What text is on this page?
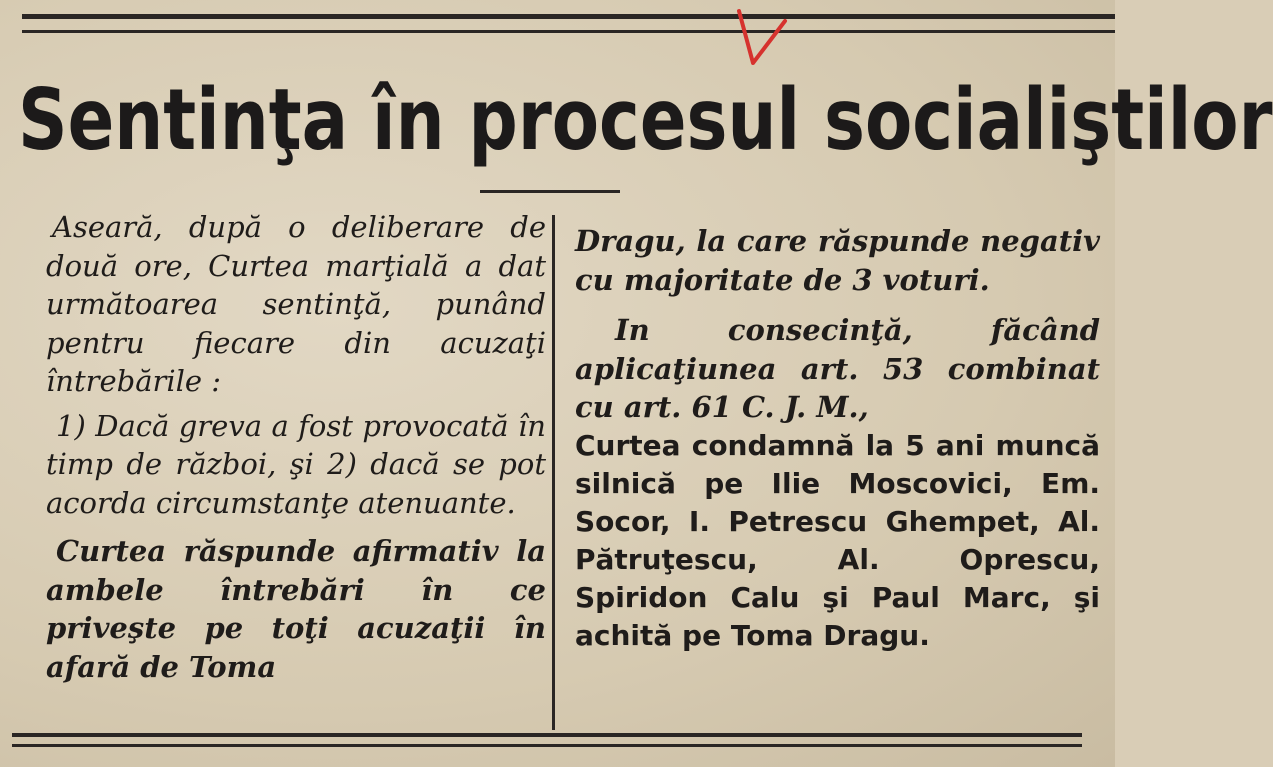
Sentinţa în procesul socialiştilor

Aseară, după o deliberare de două ore, Curtea marţială a dat următoarea sentinţă, punând pentru fiecare din acuzaţi întrebările :

1) Dacă greva a fost provocată în timp de război, şi 2) dacă se pot acorda circumstanţe atenuante.

Curtea răspunde afirmativ la ambele întrebări în ce priveşte pe toţi acuzaţii în afară de Toma

Dragu, la care răspunde negativ cu majoritate de 3 voturi.

In consecinţă, făcând aplicaţiunea art. 53 combinat cu art. 61 C. J. M.,

Curtea condamnă la 5 ani muncă silnică pe Ilie Moscovici, Em. Socor, I. Petrescu Ghempet, Al. Pătruţescu, Al. Oprescu, Spiridon Calu şi Paul Marc, şi achită pe Toma Dragu.
